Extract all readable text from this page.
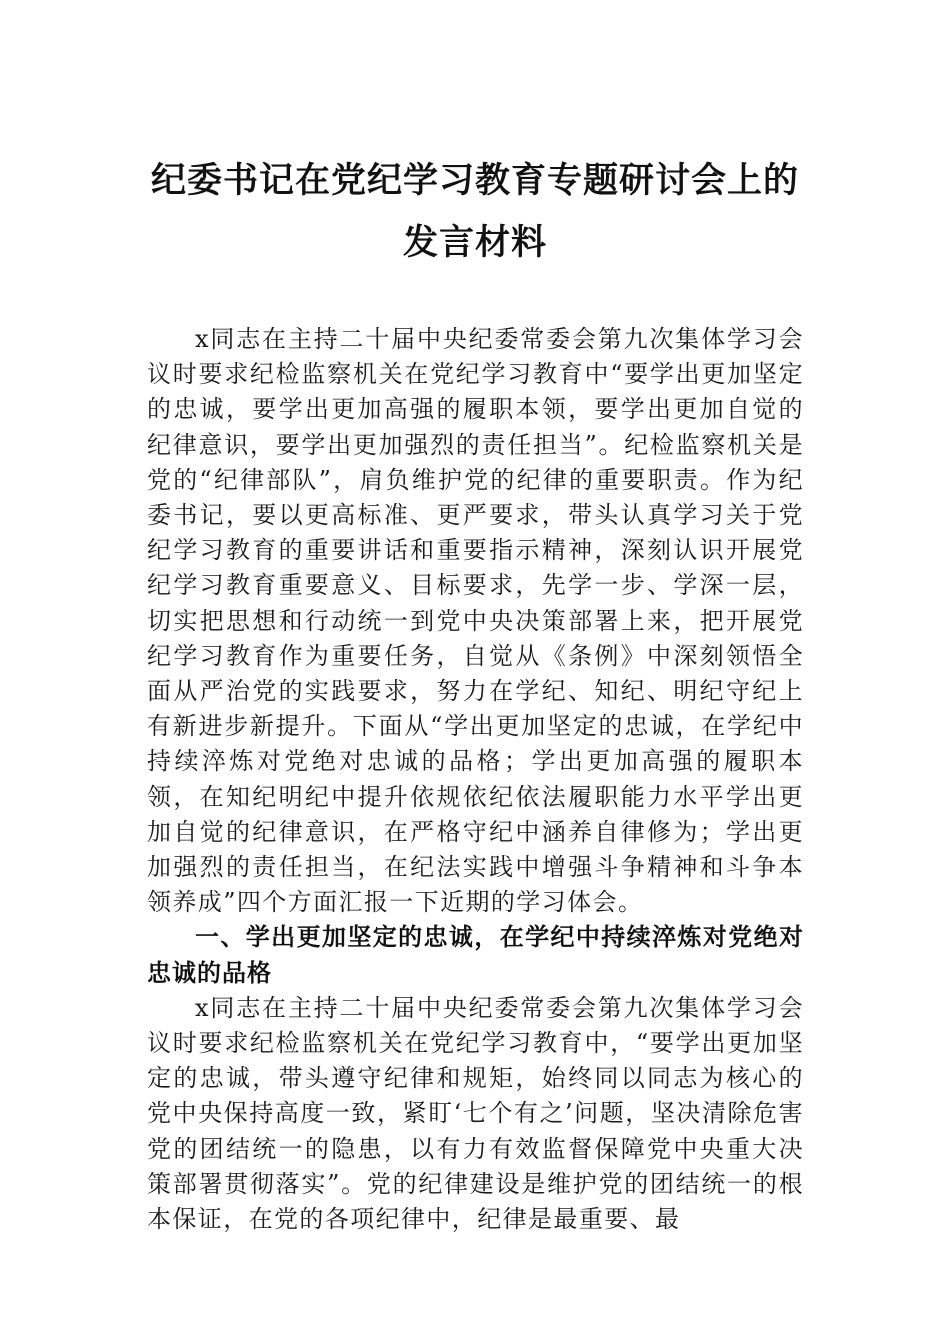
纪委书记在党纪学习教育专题研讨会上的
发言材料

x同志在主持二十届中央纪委常委会第九次集体学习会议时要求纪检监察机关在党纪学习教育中“要学出更加坚定的忠诚，要学出更加高强的履职本领，要学出更加自觉的纪律意识，要学出更加强烈的责任担当”。纪检监察机关是党的“纪律部队”，肩负维护党的纪律的重要职责。作为纪委书记，要以更高标准、更严要求，带头认真学习关于党纪学习教育的重要讲话和重要指示精神，深刻认识开展党纪学习教育重要意义、目标要求，先学一步、学深一层，切实把思想和行动统一到党中央决策部署上来，把开展党纪学习教育作为重要任务，自觉从《条例》中深刻领悟全面从严治党的实践要求，努力在学纪、知纪、明纪守纪上有新进步新提升。下面从“学出更加坚定的忠诚，在学纪中持续淬炼对党绝对忠诚的品格；学出更加高强的履职本领，在知纪明纪中提升依规依纪依法履职能力水平学出更加自觉的纪律意识，在严格守纪中涵养自律修为；学出更加强烈的责任担当，在纪法实践中增强斗争精神和斗争本领养成”四个方面汇报一下近期的学习体会。

一、学出更加坚定的忠诚，在学纪中持续淬炼对党绝对忠诚的品格

x同志在主持二十届中央纪委常委会第九次集体学习会议时要求纪检监察机关在党纪学习教育中，“要学出更加坚定的忠诚，带头遵守纪律和规矩，始终同以同志为核心的党中央保持高度一致，紧盯‘七个有之’问题，坚决清除危害党的团结统一的隐患，以有力有效监督保障党中央重大决策部署贯彻落实”。党的纪律建设是维护党的团结统一的根本保证，在党的各项纪律中，纪律是最重要、最
